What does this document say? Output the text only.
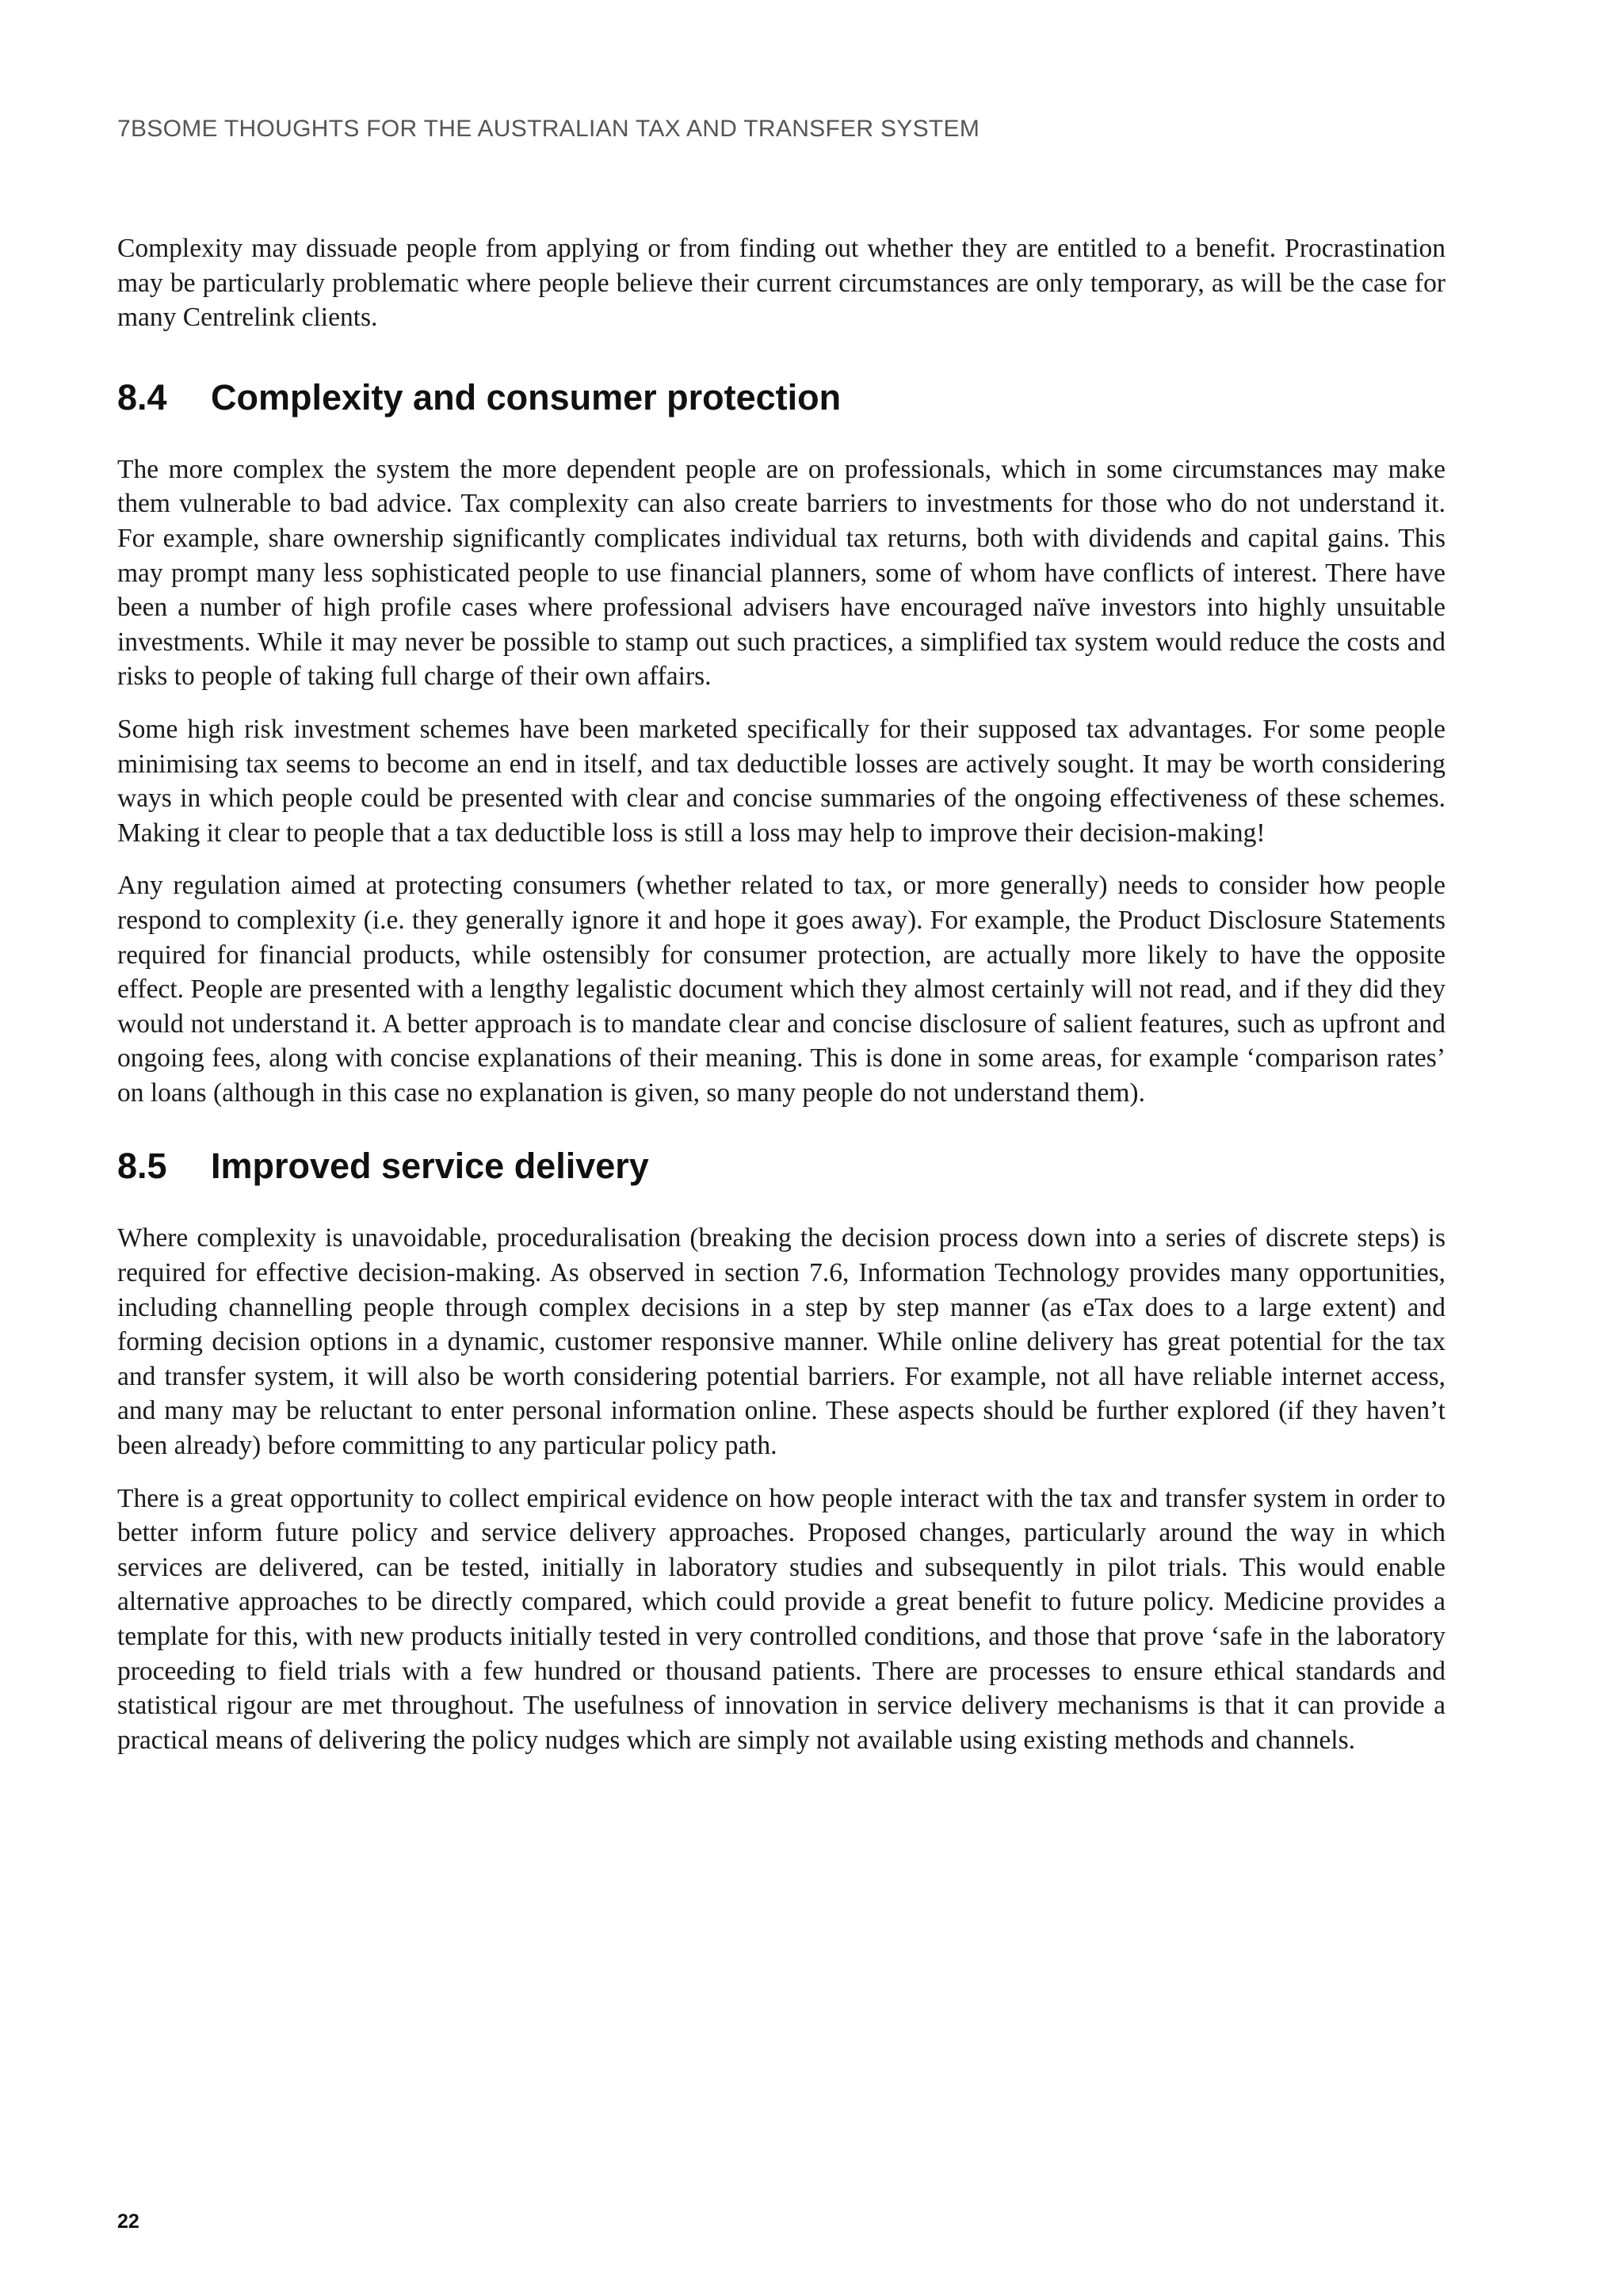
7BSOME THOUGHTS FOR THE AUSTRALIAN TAX AND TRANSFER SYSTEM

Complexity may dissuade people from applying or from finding out whether they are entitled to a benefit. Procrastination may be particularly problematic where people believe their current circumstances are only temporary, as will be the case for many Centrelink clients.

8.4	Complexity and consumer protection

The more complex the system the more dependent people are on professionals, which in some circumstances may make them vulnerable to bad advice. Tax complexity can also create barriers to investments for those who do not understand it. For example, share ownership significantly complicates individual tax returns, both with dividends and capital gains. This may prompt many less sophisticated people to use financial planners, some of whom have conflicts of interest. There have been a number of high profile cases where professional advisers have encouraged naïve investors into highly unsuitable investments. While it may never be possible to stamp out such practices, a simplified tax system would reduce the costs and risks to people of taking full charge of their own affairs.

Some high risk investment schemes have been marketed specifically for their supposed tax advantages. For some people minimising tax seems to become an end in itself, and tax deductible losses are actively sought. It may be worth considering ways in which people could be presented with clear and concise summaries of the ongoing effectiveness of these schemes. Making it clear to people that a tax deductible loss is still a loss may help to improve their decision-making!

Any regulation aimed at protecting consumers (whether related to tax, or more generally) needs to consider how people respond to complexity (i.e. they generally ignore it and hope it goes away). For example, the Product Disclosure Statements required for financial products, while ostensibly for consumer protection, are actually more likely to have the opposite effect. People are presented with a lengthy legalistic document which they almost certainly will not read, and if they did they would not understand it. A better approach is to mandate clear and concise disclosure of salient features, such as upfront and ongoing fees, along with concise explanations of their meaning. This is done in some areas, for example ‘comparison rates’ on loans (although in this case no explanation is given, so many people do not understand them).

8.5	Improved service delivery

Where complexity is unavoidable, proceduralisation (breaking the decision process down into a series of discrete steps) is required for effective decision-making. As observed in section 7.6, Information Technology provides many opportunities, including channelling people through complex decisions in a step by step manner (as eTax does to a large extent) and forming decision options in a dynamic, customer responsive manner. While online delivery has great potential for the tax and transfer system, it will also be worth considering potential barriers. For example, not all have reliable internet access, and many may be reluctant to enter personal information online. These aspects should be further explored (if they haven’t been already) before committing to any particular policy path.

There is a great opportunity to collect empirical evidence on how people interact with the tax and transfer system in order to better inform future policy and service delivery approaches. Proposed changes, particularly around the way in which services are delivered, can be tested, initially in laboratory studies and subsequently in pilot trials. This would enable alternative approaches to be directly compared, which could provide a great benefit to future policy. Medicine provides a template for this, with new products initially tested in very controlled conditions, and those that prove ‘safe in the laboratory proceeding to field trials with a few hundred or thousand patients. There are processes to ensure ethical standards and statistical rigour are met throughout. The usefulness of innovation in service delivery mechanisms is that it can provide a practical means of delivering the policy nudges which are simply not available using existing methods and channels.

22
